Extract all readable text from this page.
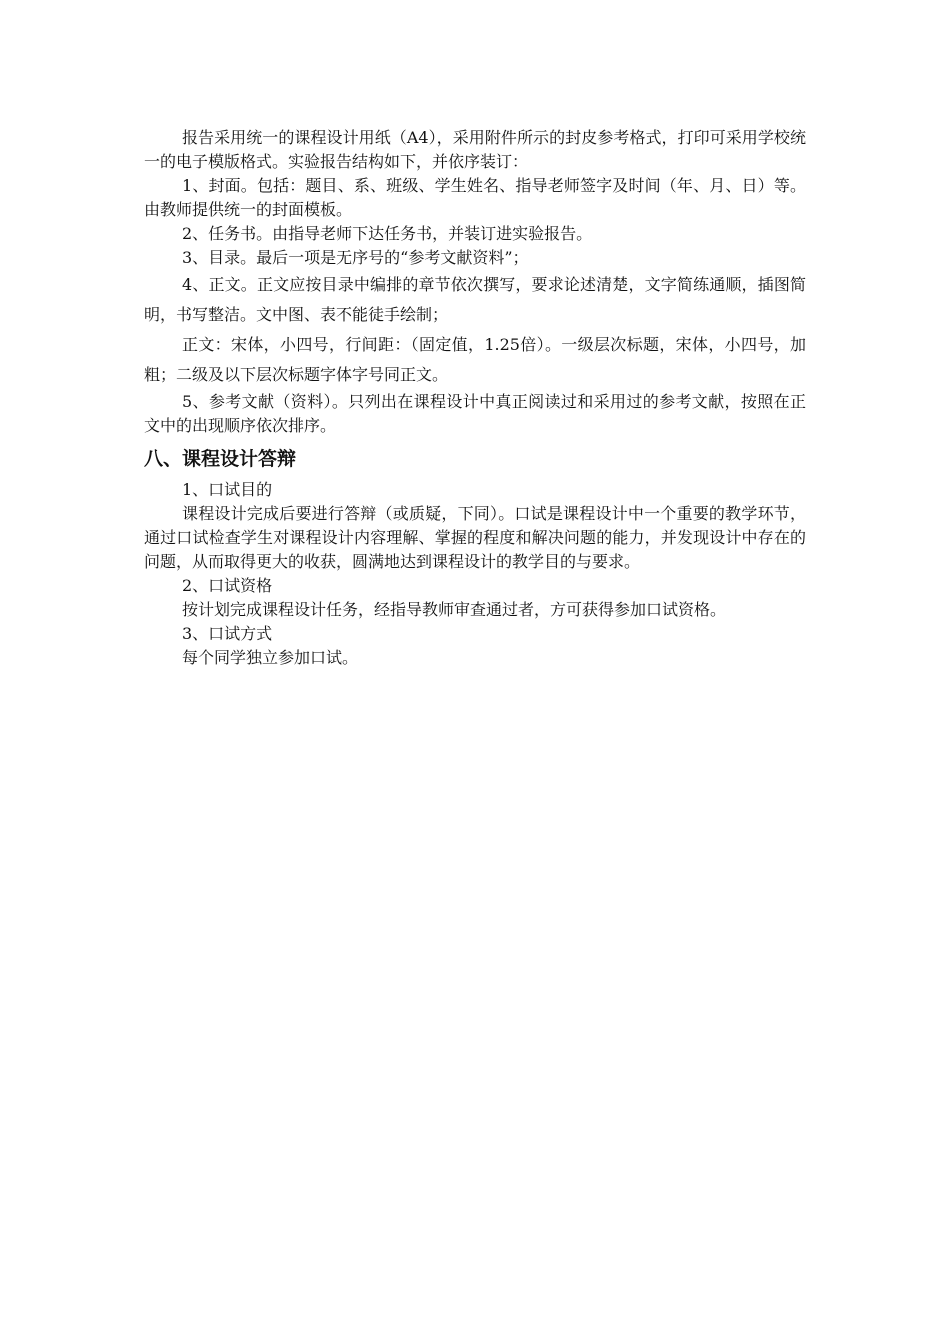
报告采用统一的课程设计用纸（A4），采用附件所示的封皮参考格式，打印可采用学校统一的电子模版格式。实验报告结构如下，并依序装订：

1、封面。包括：题目、系、班级、学生姓名、指导老师签字及时间（年、月、日）等。由教师提供统一的封面模板。

2、任务书。由指导老师下达任务书，并装订进实验报告。

3、目录。最后一项是无序号的“参考文献资料”；

4、正文。正文应按目录中编排的章节依次撰写，要求论述清楚，文字简练通顺，插图简明，书写整洁。文中图、表不能徒手绘制；

正文：宋体，小四号，行间距：（固定值，1.25倍）。一级层次标题，宋体，小四号，加粗；二级及以下层次标题字体字号同正文。

5、参考文献（资料）。只列出在课程设计中真正阅读过和采用过的参考文献，按照在正文中的出现顺序依次排序。

八、课程设计答辩

1、口试目的

课程设计完成后要进行答辩（或质疑，下同）。口试是课程设计中一个重要的教学环节，通过口试检查学生对课程设计内容理解、掌握的程度和解决问题的能力，并发现设计中存在的问题，从而取得更大的收获，圆满地达到课程设计的教学目的与要求。

2、口试资格

按计划完成课程设计任务，经指导教师审查通过者，方可获得参加口试资格。

3、口试方式

每个同学独立参加口试。
